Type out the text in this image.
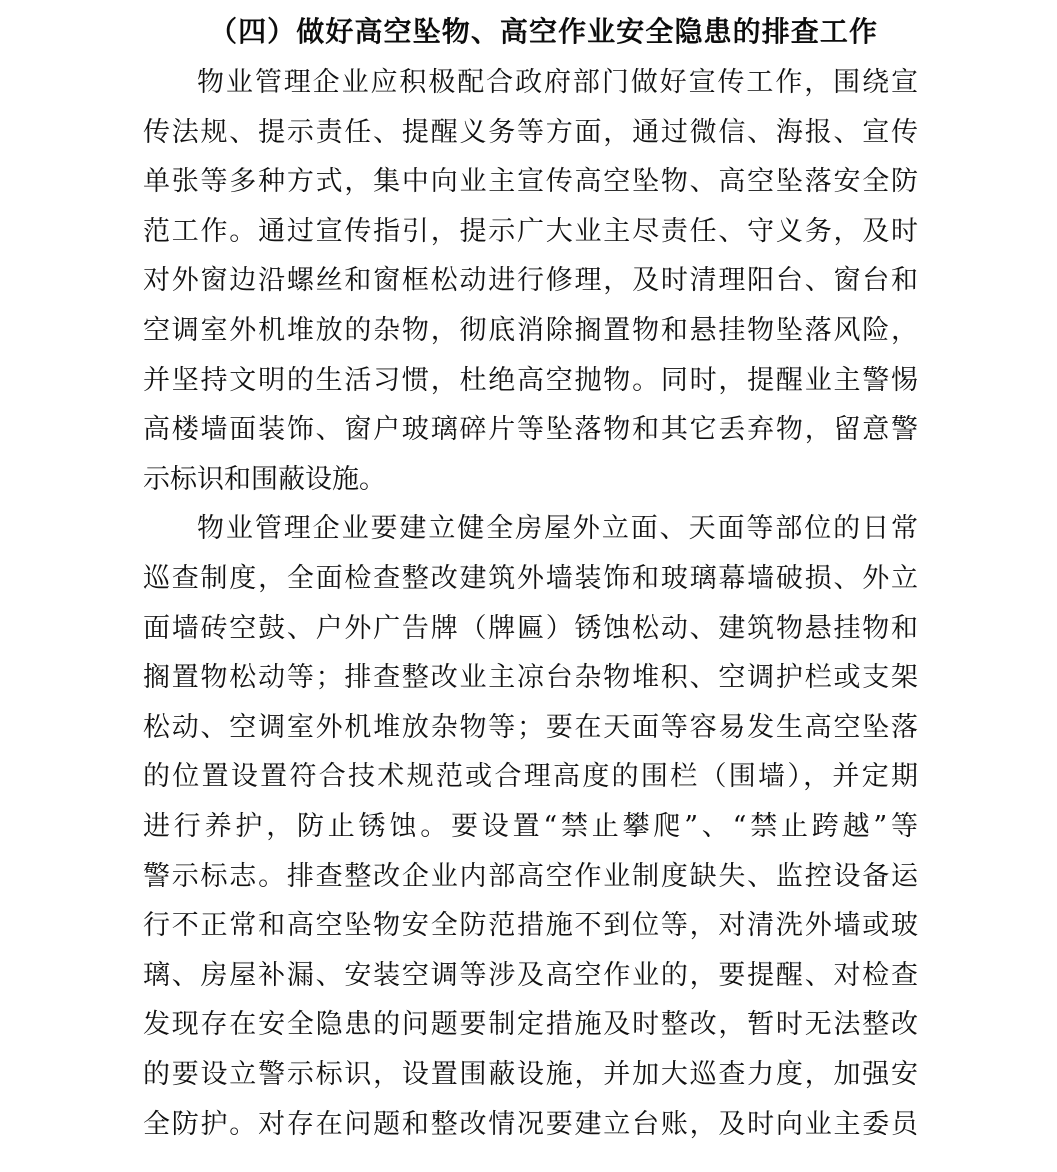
（四）做好高空坠物、高空作业安全隐患的排查工作
物业管理企业应积极配合政府部门做好宣传工作，围绕宣
传法规、提示责任、提醒义务等方面，通过微信、海报、宣传
单张等多种方式，集中向业主宣传高空坠物、高空坠落安全防
范工作。通过宣传指引，提示广大业主尽责任、守义务，及时
对外窗边沿螺丝和窗框松动进行修理，及时清理阳台、窗台和
空调室外机堆放的杂物，彻底消除搁置物和悬挂物坠落风险，
并坚持文明的生活习惯，杜绝高空抛物。同时，提醒业主警惕
高楼墙面装饰、窗户玻璃碎片等坠落物和其它丢弃物，留意警
示标识和围蔽设施。
物业管理企业要建立健全房屋外立面、天面等部位的日常
巡查制度，全面检查整改建筑外墙装饰和玻璃幕墙破损、外立
面墙砖空鼓、户外广告牌（牌匾）锈蚀松动、建筑物悬挂物和
搁置物松动等；排查整改业主凉台杂物堆积、空调护栏或支架
松动、空调室外机堆放杂物等；要在天面等容易发生高空坠落
的位置设置符合技术规范或合理高度的围栏（围墙），并定期
进行养护，防止锈蚀。要设置“禁止攀爬”、“禁止跨越”等
警示标志。排查整改企业内部高空作业制度缺失、监控设备运
行不正常和高空坠物安全防范措施不到位等，对清洗外墙或玻
璃、房屋补漏、安装空调等涉及高空作业的，要提醒、对检查
发现存在安全隐患的问题要制定措施及时整改，暂时无法整改
的要设立警示标识，设置围蔽设施，并加大巡查力度，加强安
全防护。对存在问题和整改情况要建立台账，及时向业主委员
